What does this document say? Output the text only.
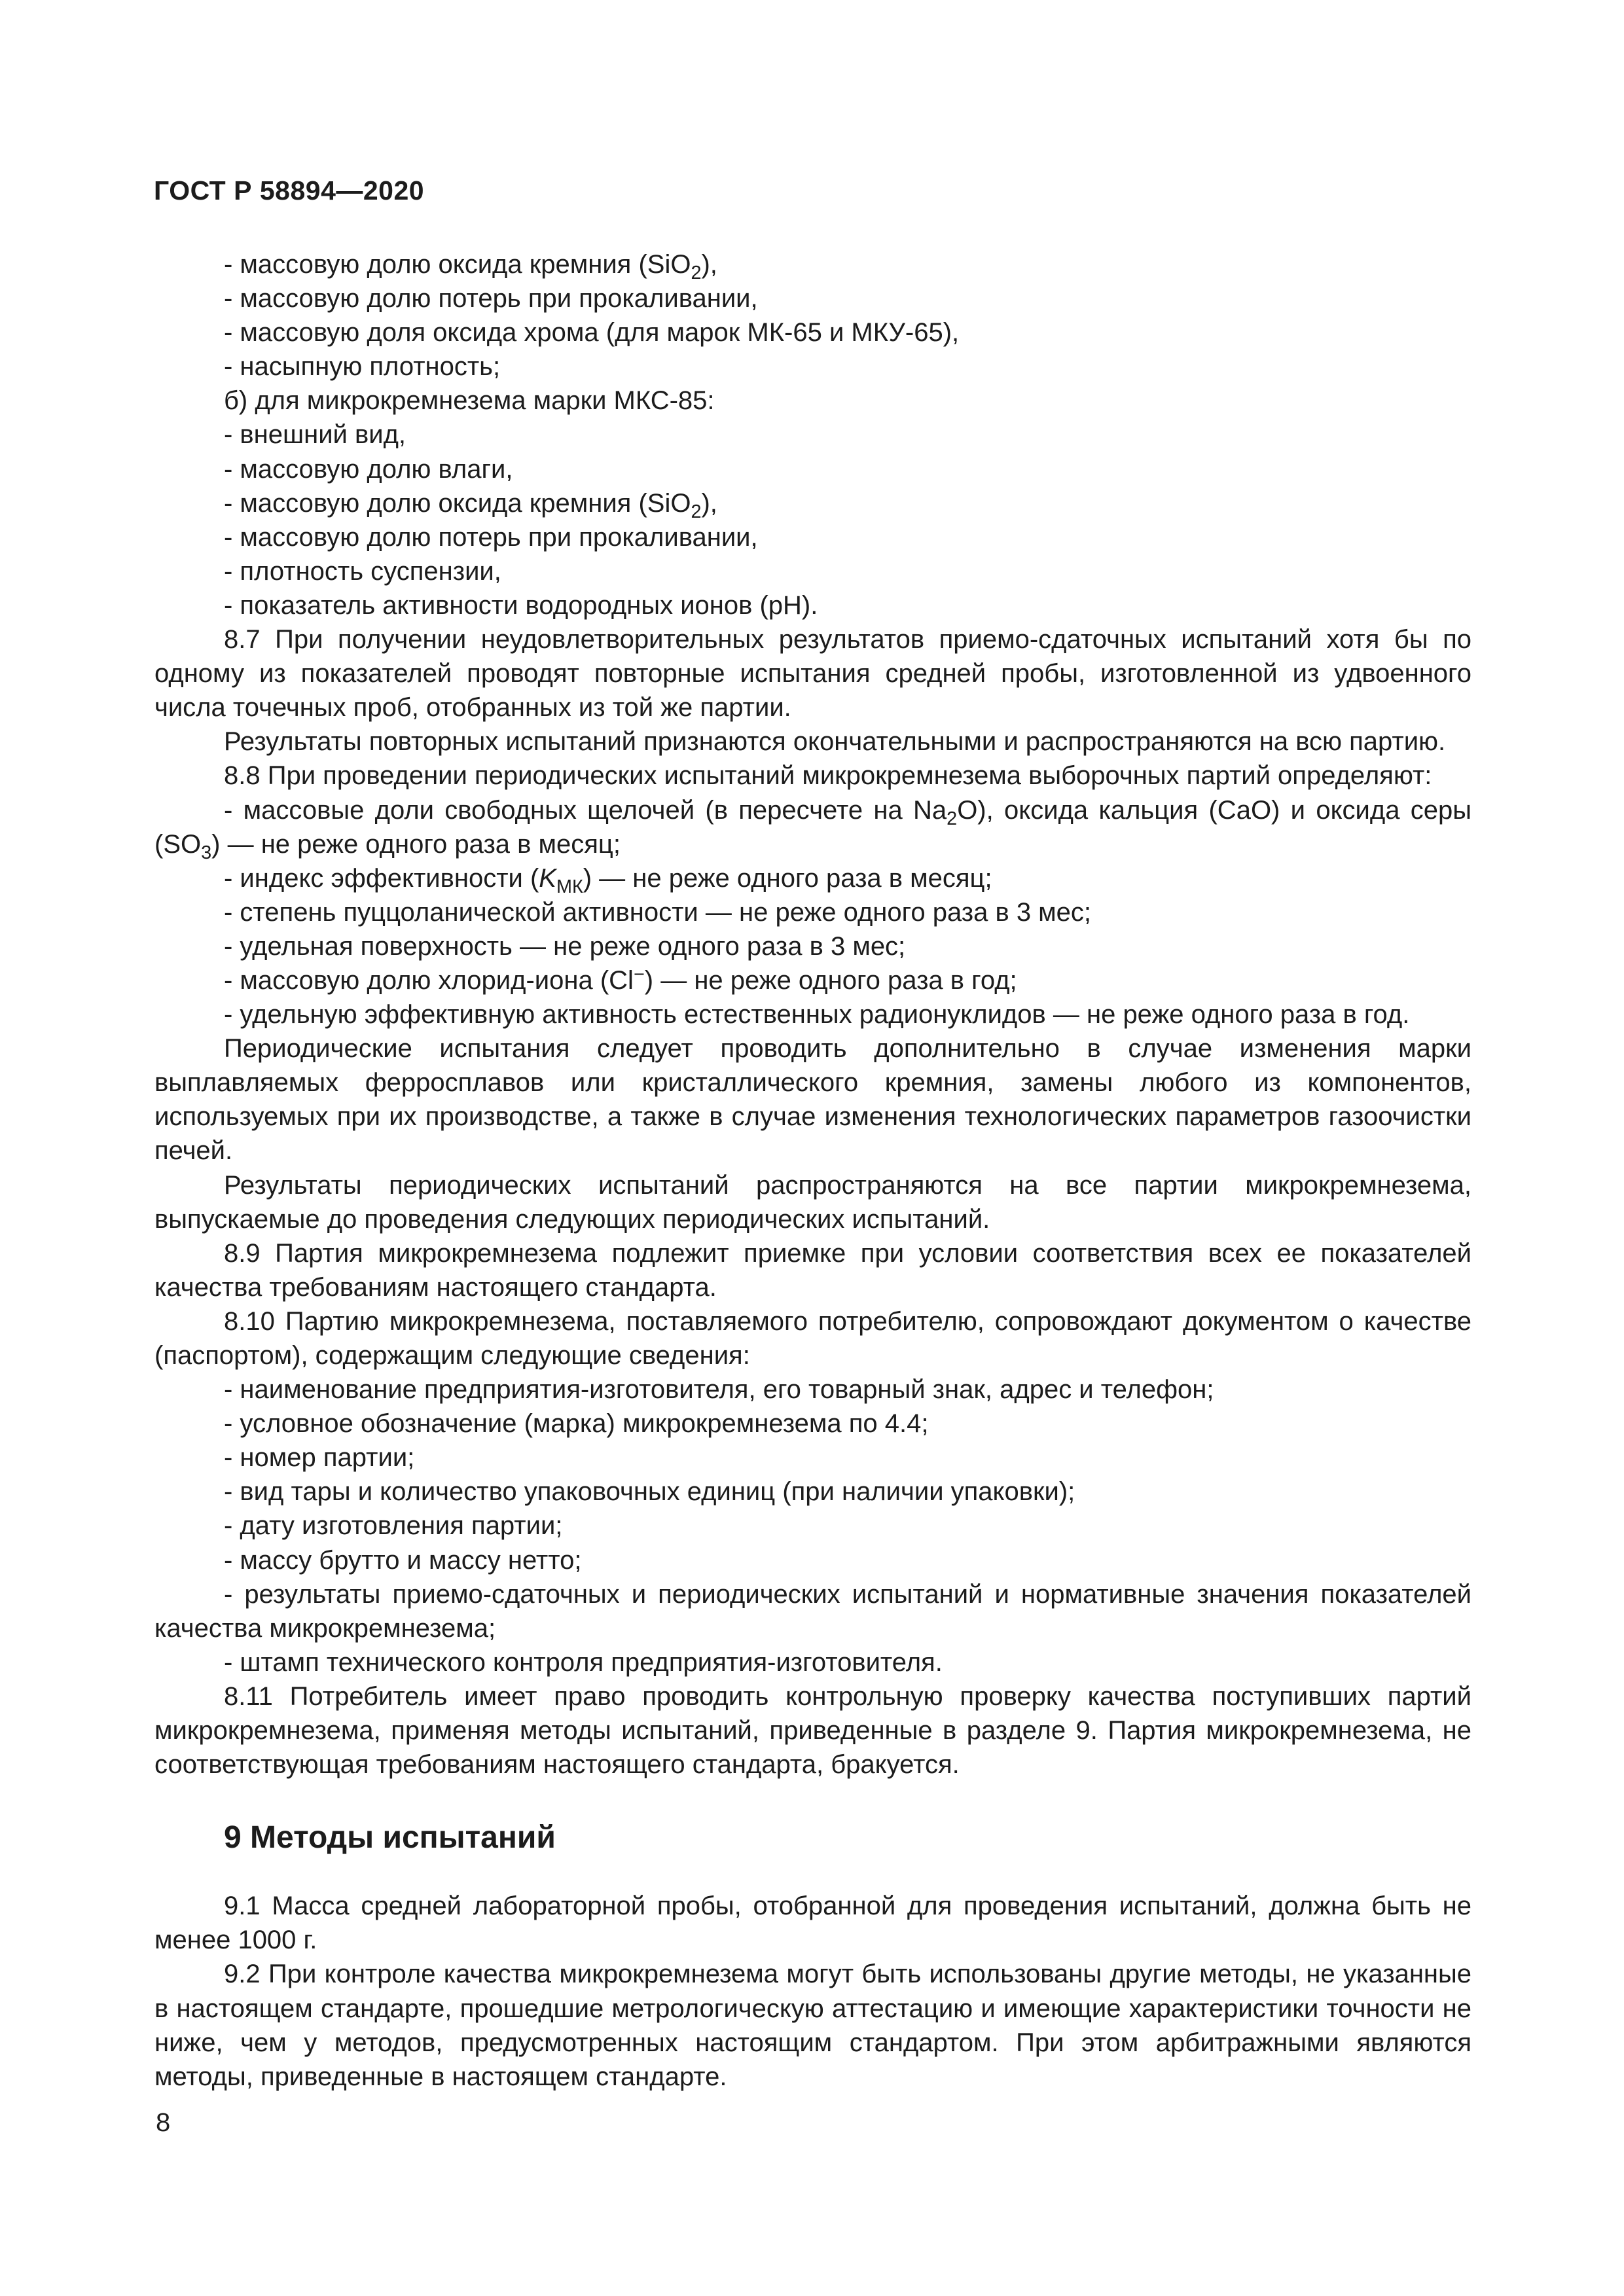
ГОСТ Р 58894—2020

- массовую долю оксида кремния (SiO$_2$),

- массовую долю потерь при прокаливании,

- массовую доля оксида хрома (для марок МК-65 и МКУ-65),

- насыпную плотность;

б) для микрокремнезема марки МКС-85:

- внешний вид,

- массовую долю влаги,

- массовую долю оксида кремния (SiO$_2$),

- массовую долю потерь при прокаливании,

- плотность суспензии,

- показатель активности водородных ионов (pH).

8.7 При получении неудовлетворительных результатов приемо-сдаточных испытаний хотя бы по одному из показателей проводят повторные испытания средней пробы, изготовленной из удвоенного числа точечных проб, отобранных из той же партии.

Результаты повторных испытаний признаются окончательными и распространяются на всю партию.

8.8 При проведении периодических испытаний микрокремнезема выборочных партий определяют:

- массовые доли свободных щелочей (в пересчете на $Na_2O$), оксида кальция (CaO) и оксида серы $(SO_3)$ — не реже одного раза в месяц;

- индекс эффективности $(K_{МК})$ — не реже одного раза в месяц;

- степень пуццоланической активности — не реже одного раза в 3 мес;

- удельная поверхность — не реже одного раза в 3 мес;

- массовую долю хлорид-иона (Cl−) — не реже одного раза в год;

- удельную эффективную активность естественных радионуклидов — не реже одного раза в год.

Периодические испытания следует проводить дополнительно в случае изменения марки выплавляемых ферросплавов или кристаллического кремния, замены любого из компонентов, используемых при их производстве, а также в случае изменения технологических параметров газоочистки печей.

Результаты периодических испытаний распространяются на все партии микрокремнезема, выпускаемые до проведения следующих периодических испытаний.

8.9 Партия микрокремнезема подлежит приемке при условии соответствия всех ее показателей качества требованиям настоящего стандарта.

8.10 Партию микрокремнезема, поставляемого потребителю, сопровождают документом о качестве (паспортом), содержащим следующие сведения:

- наименование предприятия-изготовителя, его товарный знак, адрес и телефон;

- условное обозначение (марка) микрокремнезема по 4.4;

- номер партии;

- вид тары и количество упаковочных единиц (при наличии упаковки);

- дату изготовления партии;

- массу брутто и массу нетто;

- результаты приемо-сдаточных и периодических испытаний и нормативные значения показателей качества микрокремнезема;

- штамп технического контроля предприятия-изготовителя.

8.11 Потребитель имеет право проводить контрольную проверку качества поступивших партий микрокремнезема, применяя методы испытаний, приведенные в разделе 9. Партия микрокремнезема, не соответствующая требованиям настоящего стандарта, бракуется.

9 Методы испытаний

9.1 Масса средней лабораторной пробы, отобранной для проведения испытаний, должна быть не менее 1000 г.

9.2 При контроле качества микрокремнезема могут быть использованы другие методы, не указанные в настоящем стандарте, прошедшие метрологическую аттестацию и имеющие характеристики точности не ниже, чем у методов, предусмотренных настоящим стандартом. При этом арбитражными являются методы, приведенные в настоящем стандарте.

8
